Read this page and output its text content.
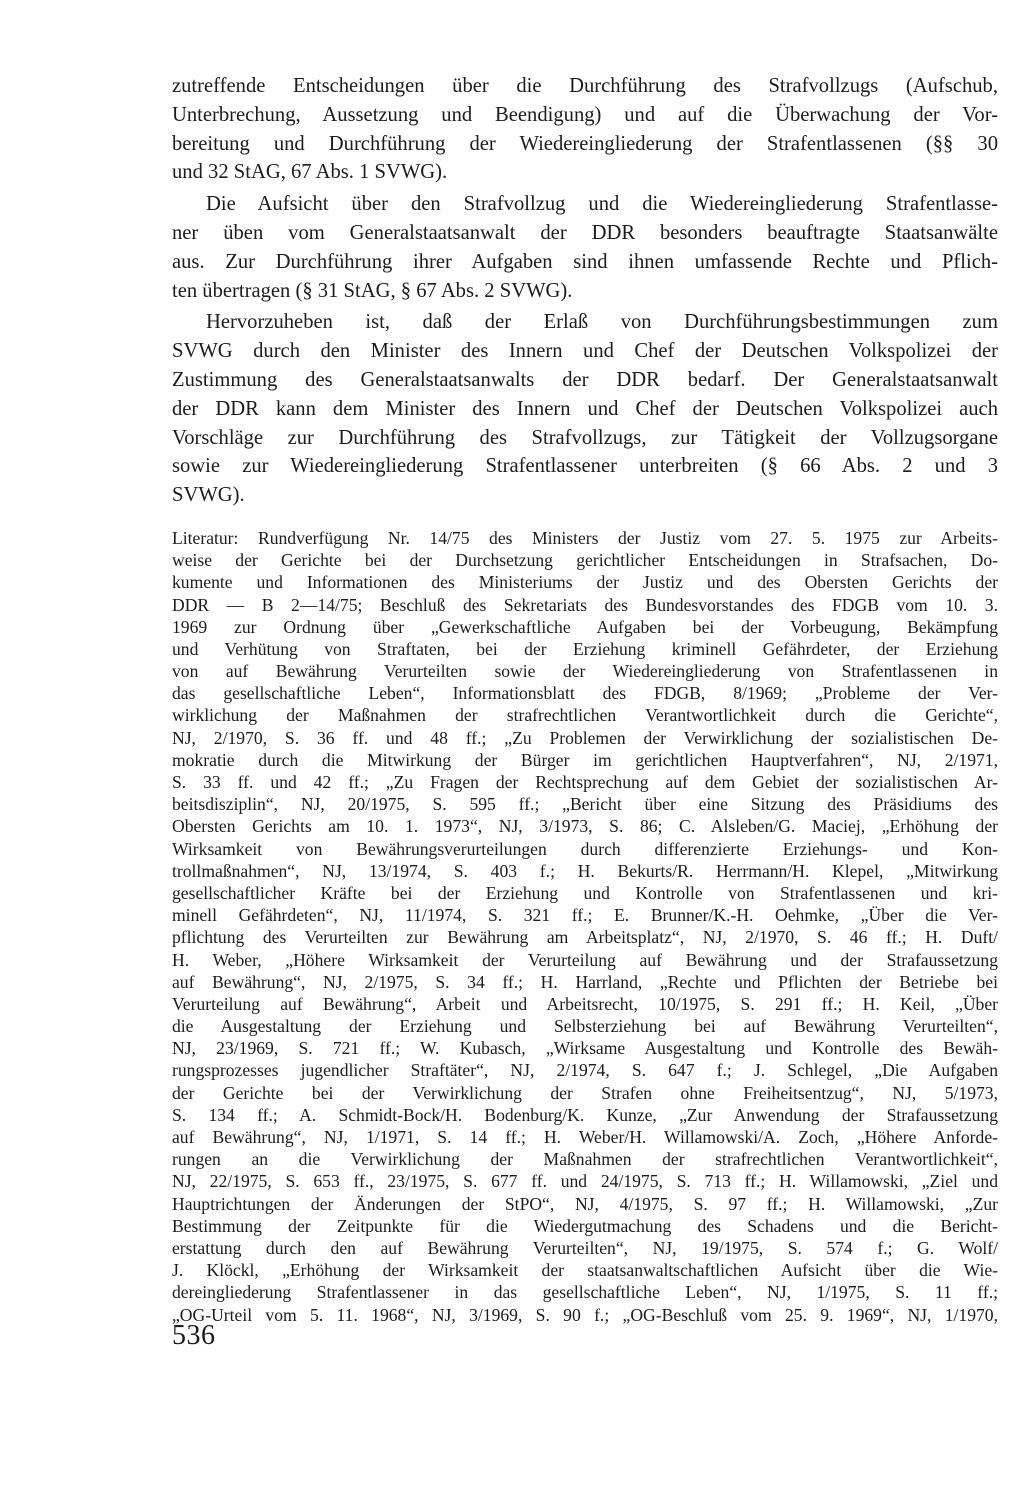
zutreffende Entscheidungen über die Durchführung des Strafvollzugs (Aufschub,
Unterbrechung, Aussetzung und Beendigung) und auf die Überwachung der Vor-
bereitung und Durchführung der Wiedereingliederung der Strafentlassenen (§§ 30
und 32 StAG, 67 Abs. 1 SVWG).
Die Aufsicht über den Strafvollzug und die Wiedereingliederung Strafentlasse-
ner üben vom Generalstaatsanwalt der DDR besonders beauftragte Staatsanwälte
aus. Zur Durchführung ihrer Aufgaben sind ihnen umfassende Rechte und Pflich-
ten übertragen (§ 31 StAG, § 67 Abs. 2 SVWG).
Hervorzuheben ist, daß der Erlaß von Durchführungsbestimmungen zum
SVWG durch den Minister des Innern und Chef der Deutschen Volkspolizei der
Zustimmung des Generalstaatsanwalts der DDR bedarf. Der Generalstaatsanwalt
der DDR kann dem Minister des Innern und Chef der Deutschen Volkspolizei auch
Vorschläge zur Durchführung des Strafvollzugs, zur Tätigkeit der Vollzugsorgane
sowie zur Wiedereingliederung Strafentlassener unterbreiten (§ 66 Abs. 2 und 3
SVWG).
Literatur: Rundverfügung Nr. 14/75 des Ministers der Justiz vom 27. 5. 1975 zur Arbeits-
weise der Gerichte bei der Durchsetzung gerichtlicher Entscheidungen in Strafsachen, Do-
kumente und Informationen des Ministeriums der Justiz und des Obersten Gerichts der
DDR — B 2—14/75; Beschluß des Sekretariats des Bundesvorstandes des FDGB vom 10. 3.
1969 zur Ordnung über „Gewerkschaftliche Aufgaben bei der Vorbeugung, Bekämpfung
und Verhütung von Straftaten, bei der Erziehung kriminell Gefährdeter, der Erziehung
von auf Bewährung Verurteilten sowie der Wiedereingliederung von Strafentlassenen in
das gesellschaftliche Leben“, Informationsblatt des FDGB, 8/1969; „Probleme der Ver-
wirklichung der Maßnahmen der strafrechtlichen Verantwortlichkeit durch die Gerichte“,
NJ, 2/1970, S. 36 ff. und 48 ff.; „Zu Problemen der Verwirklichung der sozialistischen De-
mokratie durch die Mitwirkung der Bürger im gerichtlichen Hauptverfahren“, NJ, 2/1971,
S. 33 ff. und 42 ff.; „Zu Fragen der Rechtsprechung auf dem Gebiet der sozialistischen Ar-
beitsdisziplin“, NJ, 20/1975, S. 595 ff.; „Bericht über eine Sitzung des Präsidiums des
Obersten Gerichts am 10. 1. 1973“, NJ, 3/1973, S. 86; C. Alsleben/G. Maciej, „Erhöhung der
Wirksamkeit von Bewährungsverurteilungen durch differenzierte Erziehungs- und Kon-
trollmaßnahmen“, NJ, 13/1974, S. 403 f.; H. Bekurts/R. Herrmann/H. Klepel, „Mitwirkung
gesellschaftlicher Kräfte bei der Erziehung und Kontrolle von Strafentlassenen und kri-
minell Gefährdeten“, NJ, 11/1974, S. 321 ff.; E. Brunner/K.-H. Oehmke, „Über die Ver-
pflichtung des Verurteilten zur Bewährung am Arbeitsplatz“, NJ, 2/1970, S. 46 ff.; H. Duft/
H. Weber, „Höhere Wirksamkeit der Verurteilung auf Bewährung und der Strafaussetzung
auf Bewährung“, NJ, 2/1975, S. 34 ff.; H. Harrland, „Rechte und Pflichten der Betriebe bei
Verurteilung auf Bewährung“, Arbeit und Arbeitsrecht, 10/1975, S. 291 ff.; H. Keil, „Über
die Ausgestaltung der Erziehung und Selbsterziehung bei auf Bewährung Verurteilten“,
NJ, 23/1969, S. 721 ff.; W. Kubasch, „Wirksame Ausgestaltung und Kontrolle des Bewäh-
rungsprozesses jugendlicher Straftäter“, NJ, 2/1974, S. 647 f.; J. Schlegel, „Die Aufgaben
der Gerichte bei der Verwirklichung der Strafen ohne Freiheitsentzug“, NJ, 5/1973,
S. 134 ff.; A. Schmidt-Bock/H. Bodenburg/K. Kunze, „Zur Anwendung der Strafaussetzung
auf Bewährung“, NJ, 1/1971, S. 14 ff.; H. Weber/H. Willamowski/A. Zoch, „Höhere Anforde-
rungen an die Verwirklichung der Maßnahmen der strafrechtlichen Verantwortlichkeit“,
NJ, 22/1975, S. 653 ff., 23/1975, S. 677 ff. und 24/1975, S. 713 ff.; H. Willamowski, „Ziel und
Hauptrichtungen der Änderungen der StPO“, NJ, 4/1975, S. 97 ff.; H. Willamowski, „Zur
Bestimmung der Zeitpunkte für die Wiedergutmachung des Schadens und die Bericht-
erstattung durch den auf Bewährung Verurteilten“, NJ, 19/1975, S. 574 f.; G. Wolf/
J. Klöckl, „Erhöhung der Wirksamkeit der staatsanwaltschaftlichen Aufsicht über die Wie-
dereingliederung Strafentlassener in das gesellschaftliche Leben“, NJ, 1/1975, S. 11 ff.;
„OG-Urteil vom 5. 11. 1968“, NJ, 3/1969, S. 90 f.; „OG-Beschluß vom 25. 9. 1969“, NJ, 1/1970,
536
